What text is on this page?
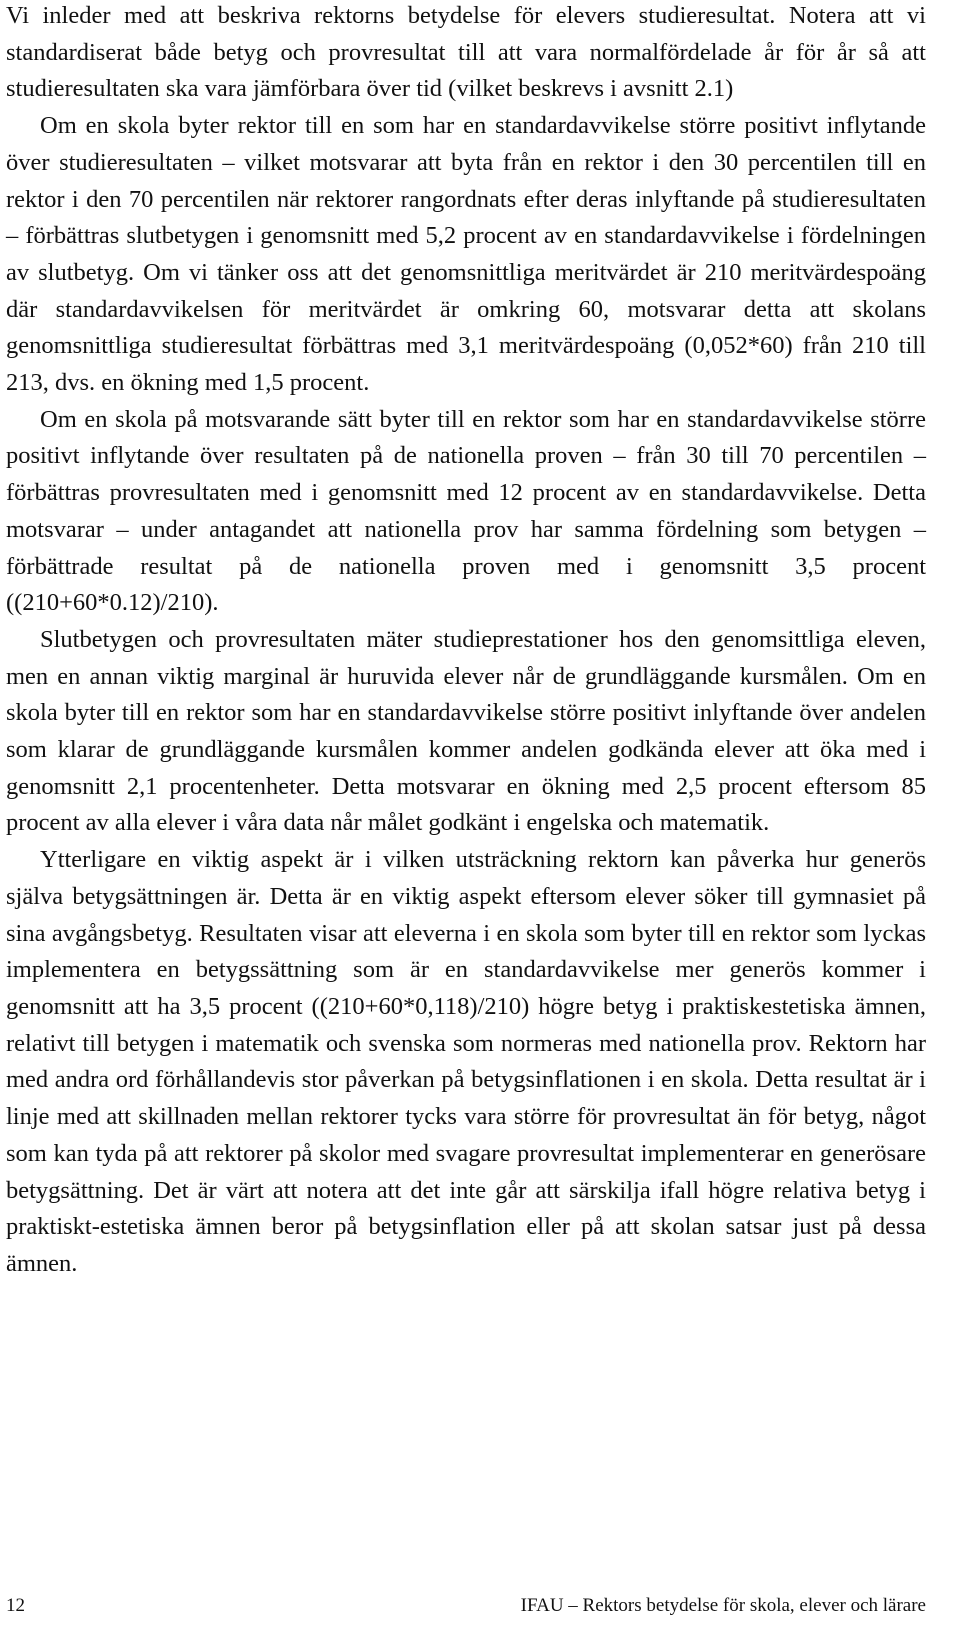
Vi inleder med att beskriva rektorns betydelse för elevers studieresultat. Notera att vi standardiserat både betyg och provresultat till att vara normalfördelade år för år så att studieresultaten ska vara jämförbara över tid (vilket beskrevs i avsnitt 2.1)

Om en skola byter rektor till en som har en standardavvikelse större positivt inflytande över studieresultaten – vilket motsvarar att byta från en rektor i den 30 percentilen till en rektor i den 70 percentilen när rektorer rangordnats efter deras inlyftande på studieresultaten – förbättras slutbetygen i genomsnitt med 5,2 procent av en standardavvikelse i fördelningen av slutbetyg. Om vi tänker oss att det genomsnittliga meritvärdet är 210 meritvärdespoäng där standardavvikelsen för meritvärdet är omkring 60, motsvarar detta att skolans genomsnittliga studieresultat förbättras med 3,1 meritvärdespoäng (0,052*60) från 210 till 213, dvs. en ökning med 1,5 procent.

Om en skola på motsvarande sätt byter till en rektor som har en standardavvikelse större positivt inflytande över resultaten på de nationella proven – från 30 till 70 percentilen – förbättras provresultaten med i genomsnitt med 12 procent av en standardavvikelse. Detta motsvarar – under antagandet att nationella prov har samma fördelning som betygen – förbättrade resultat på de nationella proven med i genomsnitt 3,5 procent ((210+60*0.12)/210).

Slutbetygen och provresultaten mäter studieprestationer hos den genomsittliga eleven, men en annan viktig marginal är huruvida elever når de grundläggande kursmålen. Om en skola byter till en rektor som har en standardavvikelse större positivt inlyftande över andelen som klarar de grundläggande kursmålen kommer andelen godkända elever att öka med i genomsnitt 2,1 procentenheter. Detta motsvarar en ökning med 2,5 procent eftersom 85 procent av alla elever i våra data når målet godkänt i engelska och matematik.

Ytterligare en viktig aspekt är i vilken utsträckning rektorn kan påverka hur generös själva betygsättningen är. Detta är en viktig aspekt eftersom elever söker till gymnasiet på sina avgångsbetyg. Resultaten visar att eleverna i en skola som byter till en rektor som lyckas implementera en betygssättning som är en standardavvikelse mer generös kommer i genomsnitt att ha 3,5 procent ((210+60*0,118)/210) högre betyg i praktiskestetiska ämnen, relativt till betygen i matematik och svenska som normeras med nationella prov. Rektorn har med andra ord förhållandevis stor påverkan på betygsinflationen i en skola. Detta resultat är i linje med att skillnaden mellan rektorer tycks vara större för provresultat än för betyg, något som kan tyda på att rektorer på skolor med svagare provresultat implementerar en generösare betygsättning. Det är värt att notera att det inte går att särskilja ifall högre relativa betyg i praktiskt-estetiska ämnen beror på betygsinflation eller på att skolan satsar just på dessa ämnen.

12	IFAU – Rektors betydelse för skola, elever och lärare
